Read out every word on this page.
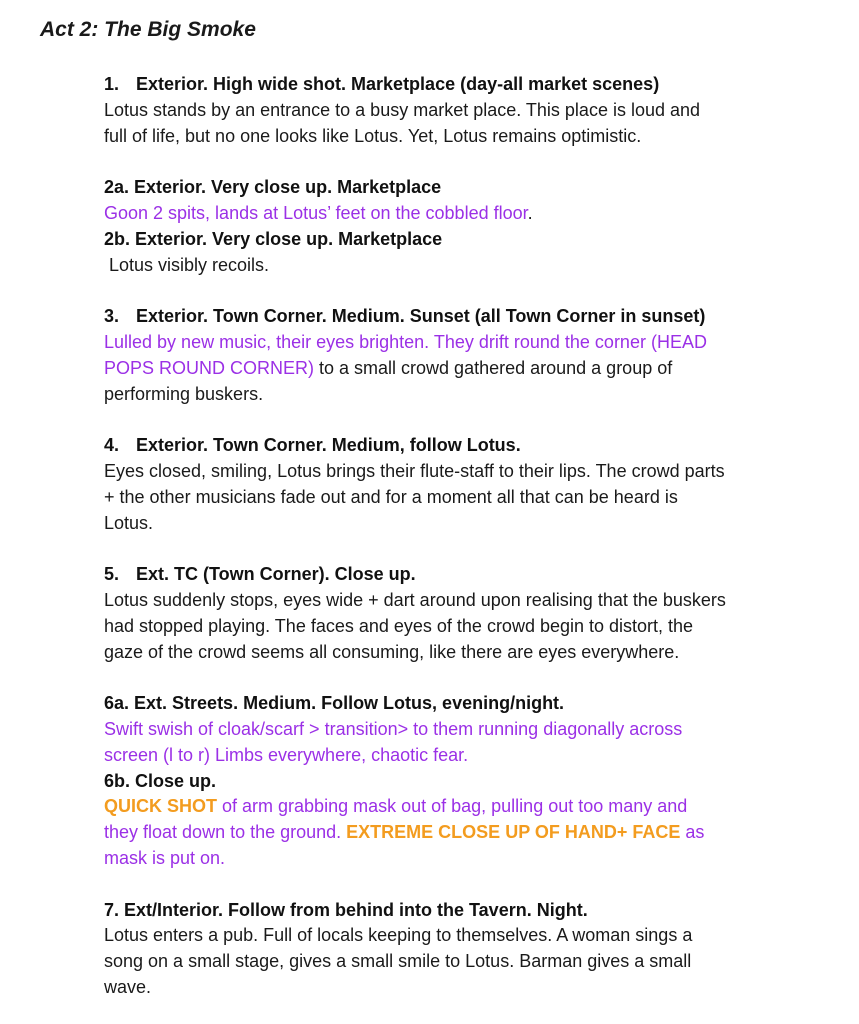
Act 2: The Big Smoke
1. Exterior. High wide shot. Marketplace (day-all market scenes)
Lotus stands by an entrance to a busy market place. This place is loud and
full of life, but no one looks like Lotus. Yet, Lotus remains optimistic.
2a. Exterior. Very close up. Marketplace
Goon 2 spits, lands at Lotus’ feet on the cobbled floor.
2b. Exterior. Very close up. Marketplace
Lotus visibly recoils.
3. Exterior. Town Corner. Medium. Sunset (all Town Corner in sunset)
Lulled by new music, their eyes brighten. They drift round the corner (HEAD
POPS ROUND CORNER) to a small crowd gathered around a group of
performing buskers.
4. Exterior. Town Corner. Medium, follow Lotus.
Eyes closed, smiling, Lotus brings their flute-staff to their lips. The crowd parts
+ the other musicians fade out and for a moment all that can be heard is
Lotus.
5. Ext. TC (Town Corner). Close up.
Lotus suddenly stops, eyes wide + dart around upon realising that the buskers
had stopped playing. The faces and eyes of the crowd begin to distort, the
gaze of the crowd seems all consuming, like there are eyes everywhere.
6a. Ext. Streets. Medium. Follow Lotus, evening/night.
Swift swish of cloak/scarf > transition> to them running diagonally across
screen (l to r) Limbs everywhere, chaotic fear.
6b. Close up.
QUICK SHOT of arm grabbing mask out of bag, pulling out too many and
they float down to the ground. EXTREME CLOSE UP OF HAND+ FACE as
mask is put on.
7. Ext/Interior. Follow from behind into the Tavern. Night.
Lotus enters a pub. Full of locals keeping to themselves. A woman sings a
song on a small stage, gives a small smile to Lotus. Barman gives a small
wave.
